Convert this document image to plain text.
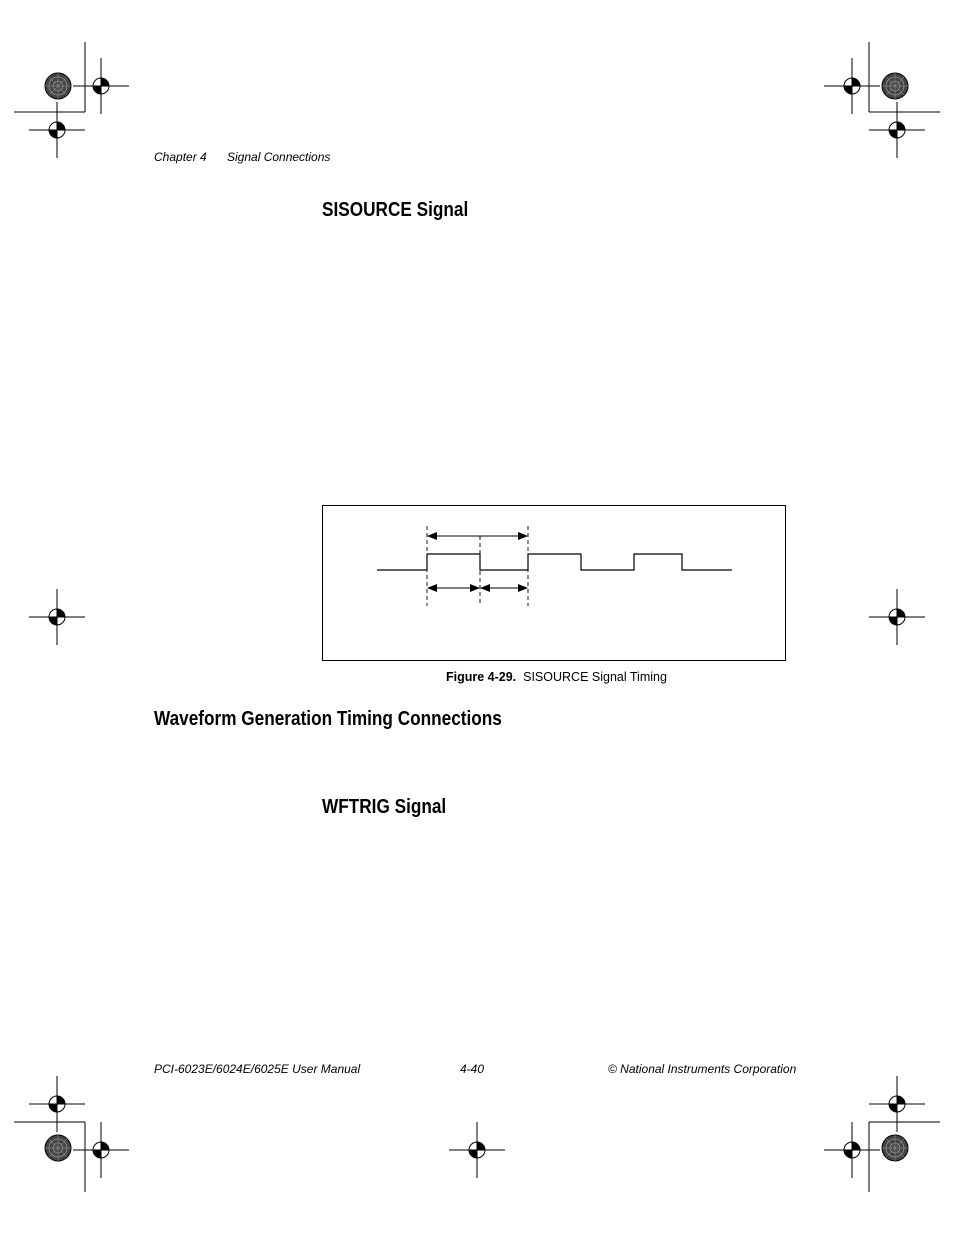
Chapter 4 Signal Connections
SISOURCE Signal
Figure 4-29. SISOURCE Signal Timing
Waveform Generation Timing Connections
WFTRIG Signal
PCI-6023E/6024E/6025E User Manual	4-40	© National Instruments Corporation
